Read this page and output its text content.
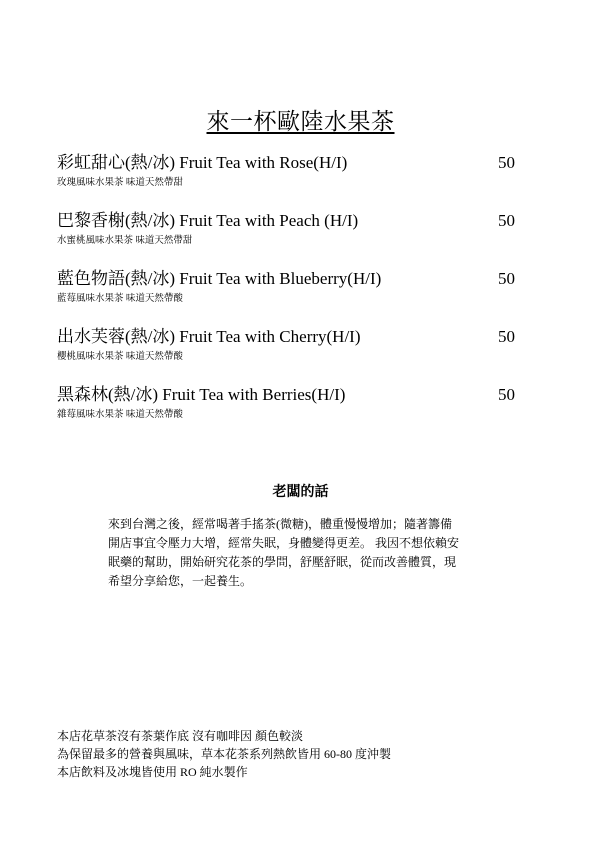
來一杯歐陸水果茶
彩虹甜心(熱/冰) Fruit Tea with Rose(H/I)	50
玫瑰風味水果茶 味道天然帶甜
巴黎香榭(熱/冰) Fruit Tea with Peach (H/I)	50
水蜜桃風味水果茶 味道天然帶甜
藍色物語(熱/冰) Fruit Tea with Blueberry(H/I)	50
藍莓風味水果茶 味道天然帶酸
出水芙蓉(熱/冰) Fruit Tea with Cherry(H/I)	50
櫻桃風味水果茶 味道天然帶酸
黑森林(熱/冰) Fruit Tea with Berries(H/I)	50
雜莓風味水果茶 味道天然帶酸
老闆的話

來到台灣之後，經常喝著手搖茶(微糖)，體重慢慢增加；隨著籌備

開店事宜令壓力大增，經常失眠，身體變得更差。 我因不想依賴安

眠藥的幫助，開始研究花茶的學問，舒壓舒眠，從而改善體質，現

希望分享給您，一起養生。

本店花草茶沒有茶葉作底 沒有咖啡因 顏色較淡

為保留最多的營養與風味，草本花茶系列熱飲皆用 60-80 度沖製

本店飲料及冰塊皆使用 RO 純水製作
